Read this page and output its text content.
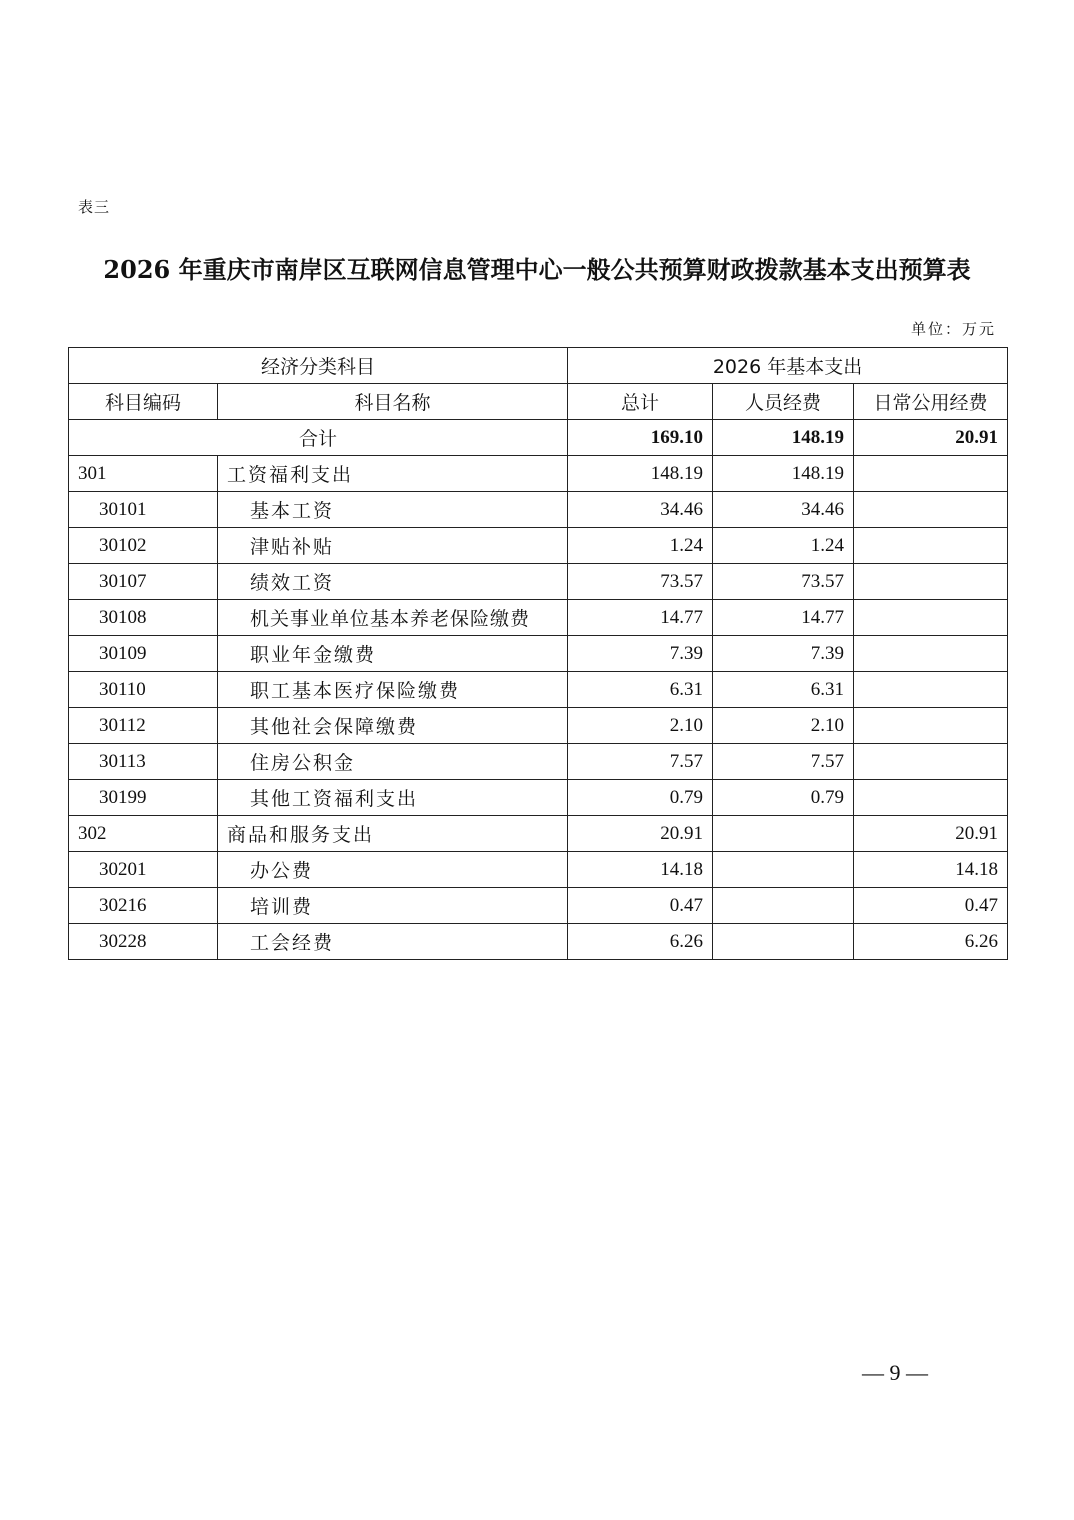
表三
2026 年重庆市南岸区互联网信息管理中心一般公共预算财政拨款基本支出预算表
单位：万元
经济分类科目		2026 年基本支出		
科目编码	科目名称	总计	人员经费	日常公用经费
合计		169.10	148.19	20.91
301	工资福利支出	148.19	148.19	
30101	基本工资	34.46	34.46	
30102	津贴补贴	1.24	1.24	
30107	绩效工资	73.57	73.57	
30108	机关事业单位基本养老保险缴费	14.77	14.77	
30109	职业年金缴费	7.39	7.39	
30110	职工基本医疗保险缴费	6.31	6.31	
30112	其他社会保障缴费	2.10	2.10	
30113	住房公积金	7.57	7.57	
30199	其他工资福利支出	0.79	0.79	
302	商品和服务支出	20.91		20.91
30201	办公费	14.18		14.18
30216	培训费	0.47		0.47
30228	工会经费	6.26		6.26
— 9 —
